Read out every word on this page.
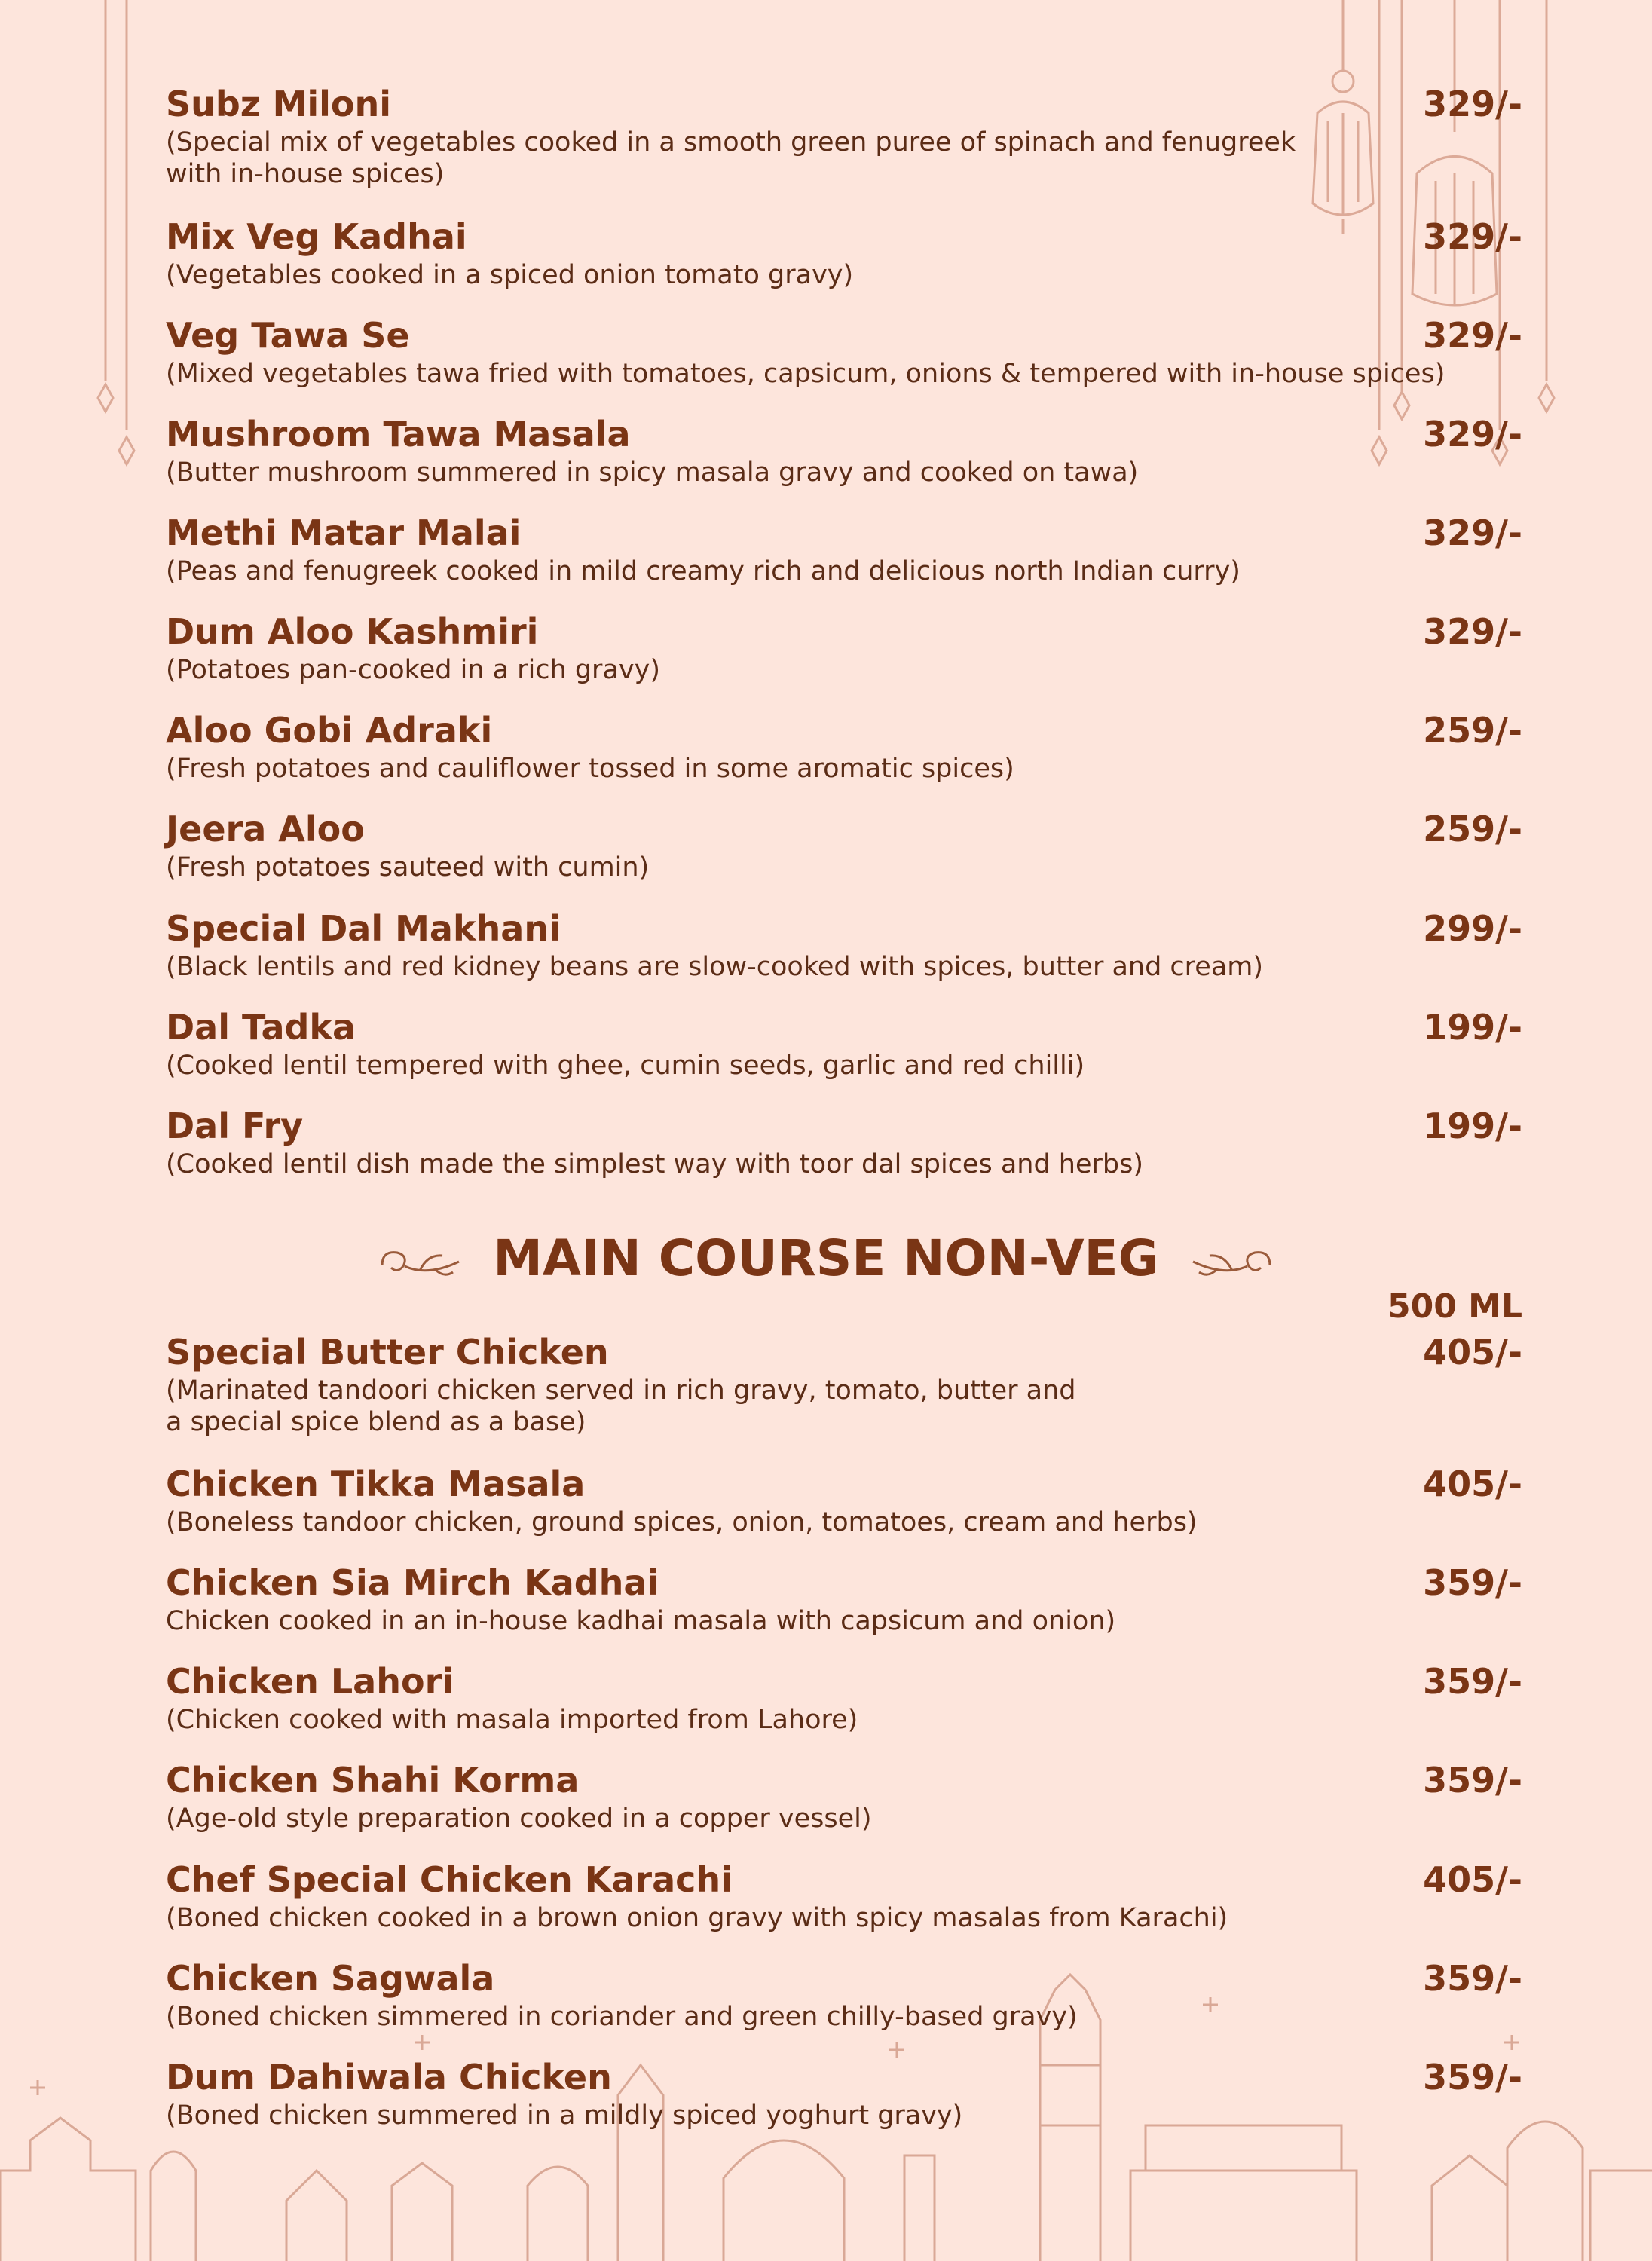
Subz Miloni	329/-
(Special mix of vegetables cooked in a smooth green puree of spinach and fenugreek with in-house spices)
Mix Veg Kadhai	329/-
(Vegetables cooked in a spiced onion tomato gravy)
Veg Tawa Se	329/-
(Mixed vegetables tawa fried with tomatoes, capsicum, onions & tempered with in-house spices)
Mushroom Tawa Masala	329/-
(Butter mushroom summered in spicy masala gravy and cooked on tawa)
Methi Matar Malai	329/-
(Peas and fenugreek cooked in mild creamy rich and delicious north Indian curry)
Dum Aloo Kashmiri	329/-
(Potatoes pan-cooked in a rich gravy)
Aloo Gobi Adraki	259/-
(Fresh potatoes and cauliflower tossed in some aromatic spices)
Jeera Aloo	259/-
(Fresh potatoes sauteed with cumin)
Special Dal Makhani	299/-
(Black lentils and red kidney beans are slow-cooked with spices, butter and cream)
Dal Tadka	199/-
(Cooked lentil tempered with ghee, cumin seeds, garlic and red chilli)
Dal Fry	199/-
(Cooked lentil dish made the simplest way with toor dal spices and herbs)
MAIN COURSE NON-VEG
500 ML
Special Butter Chicken	405/-
(Marinated tandoori chicken served in rich gravy, tomato, butter and a special spice blend as a base)
Chicken Tikka Masala	405/-
(Boneless tandoor chicken, ground spices, onion, tomatoes, cream and herbs)
Chicken Sia Mirch Kadhai	359/-
Chicken cooked in an in-house kadhai masala with capsicum and onion)
Chicken Lahori	359/-
(Chicken cooked with masala imported from Lahore)
Chicken Shahi Korma	359/-
(Age-old style preparation cooked in a copper vessel)
Chef Special Chicken Karachi	405/-
(Boned chicken cooked in a brown onion gravy with spicy masalas from Karachi)
Chicken Sagwala	359/-
(Boned chicken simmered in coriander and green chilly-based gravy)
Dum Dahiwala Chicken	359/-
(Boned chicken summered in a mildly spiced yoghurt gravy)
